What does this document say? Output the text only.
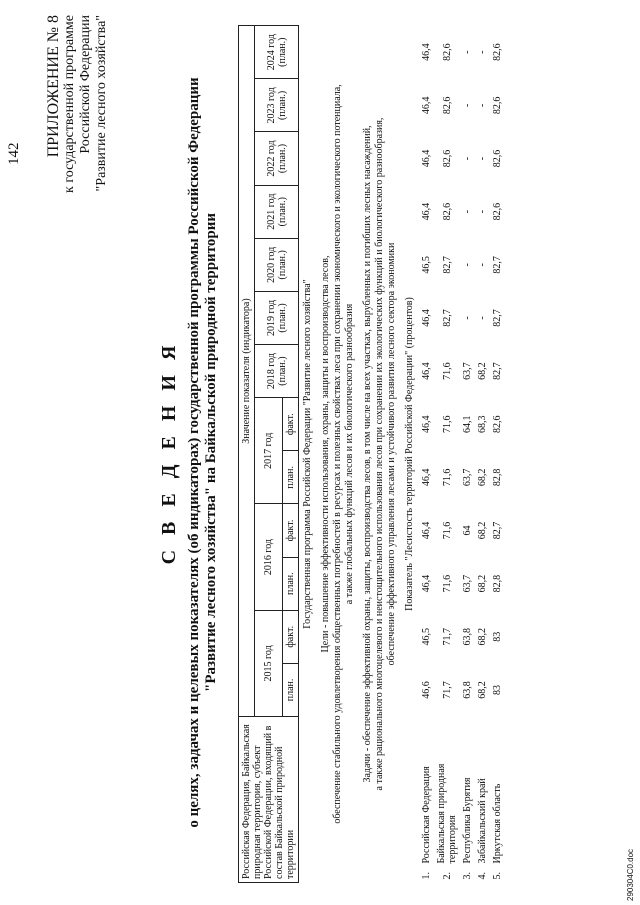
142 ПРИЛОЖЕНИЕ № 8 к государственной программе Российской Федерации "Развитие лесного хозяйства"
С В Е Д Е Н И Я о целях, задачах и целевых показателях (об индикаторах) государственной программы Российской Федерации "Развитие лесного хозяйства" на Байкальской природной территории
Российская Федерация, Байкальская природная территория, субъект Российской Федерации, входящий в состав Байкальской природной территории		Значение показателя (индикатора)												
		2015 год		2016 год		2017 год		2018 год (план.)	2019 год (план.)	2020 год (план.)	2021 год (план.)	2022 год (план.)	2023 год (план.)	2024 год (план.)
		план.	факт.	план.	факт.	план.	факт.							
Государственная программа Российской Федерации "Развитие лесного хозяйства"														

Цели - повышение эффективности использования, охраны, защиты и воспроизводства лесов, обеспечение стабильного удовлетворения общественных потребностей в ресурсах и полезных свойствах леса при сохранении экономического и экологического потенциала, а также глобальных функций лесов и их биологического разнообразия														

Задачи - обеспечение эффективной охраны, защиты, воспроизводства лесов, в том числе на всех участках, вырубленных и погибших лесных насаждений, а также рационального многоцелевого и неистощительного использования лесов при сохранении их экологических функций и биологического разнообразия, обеспечение эффективного управления лесами и устойчивого развития лесного сектора экономики														

Показатель "Лесистость территорий Российской Федерации" (процентов)														
1.	Российская Федерация	46,6	46,5	46,4	46,4	46,4	46,4	46,4	46,4	46,5	46,4	46,4	46,4	46,4
2.	Байкальская природная территория	71,7	71,7	71,6	71,6	71,6	71,6	71,6	82,7	82,7	82,6	82,6	82,6	82,6
3.	Республика Бурятия	63,8	63,8	63,7	64	63,7	64,1	63,7	-	-	-	-	-	-
4.	Забайкальский край	68,2	68,2	68,2	68,2	68,2	68,3	68,2	-	-	-	-	-	-
5.	Иркутская область	83	83	82,8	82,7	82,8	82,6	82,7	82,7	82,7	82,6	82,6	82,6	82,6
290304C0.doc
